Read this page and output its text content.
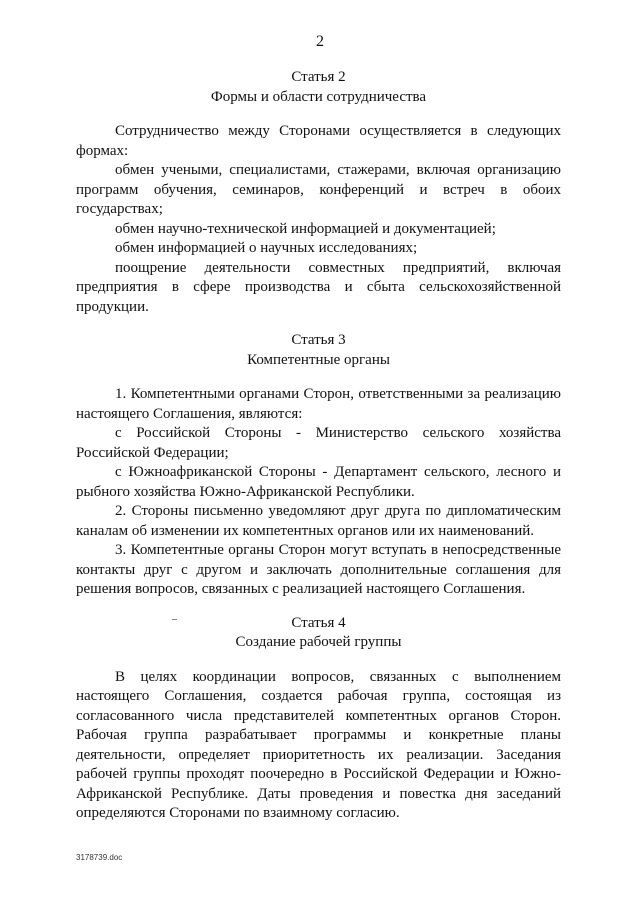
2
Статья 2
Формы и области сотрудничества

Сотрудничество между Сторонами осуществляется в следующих формах:

обмен учеными, специалистами, стажерами, включая организацию программ обучения, семинаров, конференций и встреч в обоих государствах;

обмен научно-технической информацией и документацией;

обмен информацией о научных исследованиях;

поощрение деятельности совместных предприятий, включая предприятия в сфере производства и сбыта сельскохозяйственной продукции.

Статья 3
Компетентные органы

1. Компетентными органами Сторон, ответственными за реализацию настоящего Соглашения, являются:

с Российской Стороны - Министерство сельского хозяйства Российской Федерации;

с Южноафриканской Стороны - Департамент сельского, лесного и рыбного хозяйства Южно-Африканской Республики.

2. Стороны письменно уведомляют друг друга по дипломатическим каналам об изменении их компетентных органов или их наименований.

3. Компетентные органы Сторон могут вступать в непосредственные контакты друг с другом и заключать дополнительные соглашения для решения вопросов, связанных с реализацией настоящего Соглашения.

Статья 4
Создание рабочей группы

В целях координации вопросов, связанных с выполнением настоящего Соглашения, создается рабочая группа, состоящая из согласованного числа представителей компетентных органов Сторон. Рабочая группа разрабатывает программы и конкретные планы деятельности, определяет приоритетность их реализации. Заседания рабочей группы проходят поочередно в Российской Федерации и Южно-Африканской Республике. Даты проведения и повестка дня заседаний определяются Сторонами по взаимному согласию.

3178739.doc
